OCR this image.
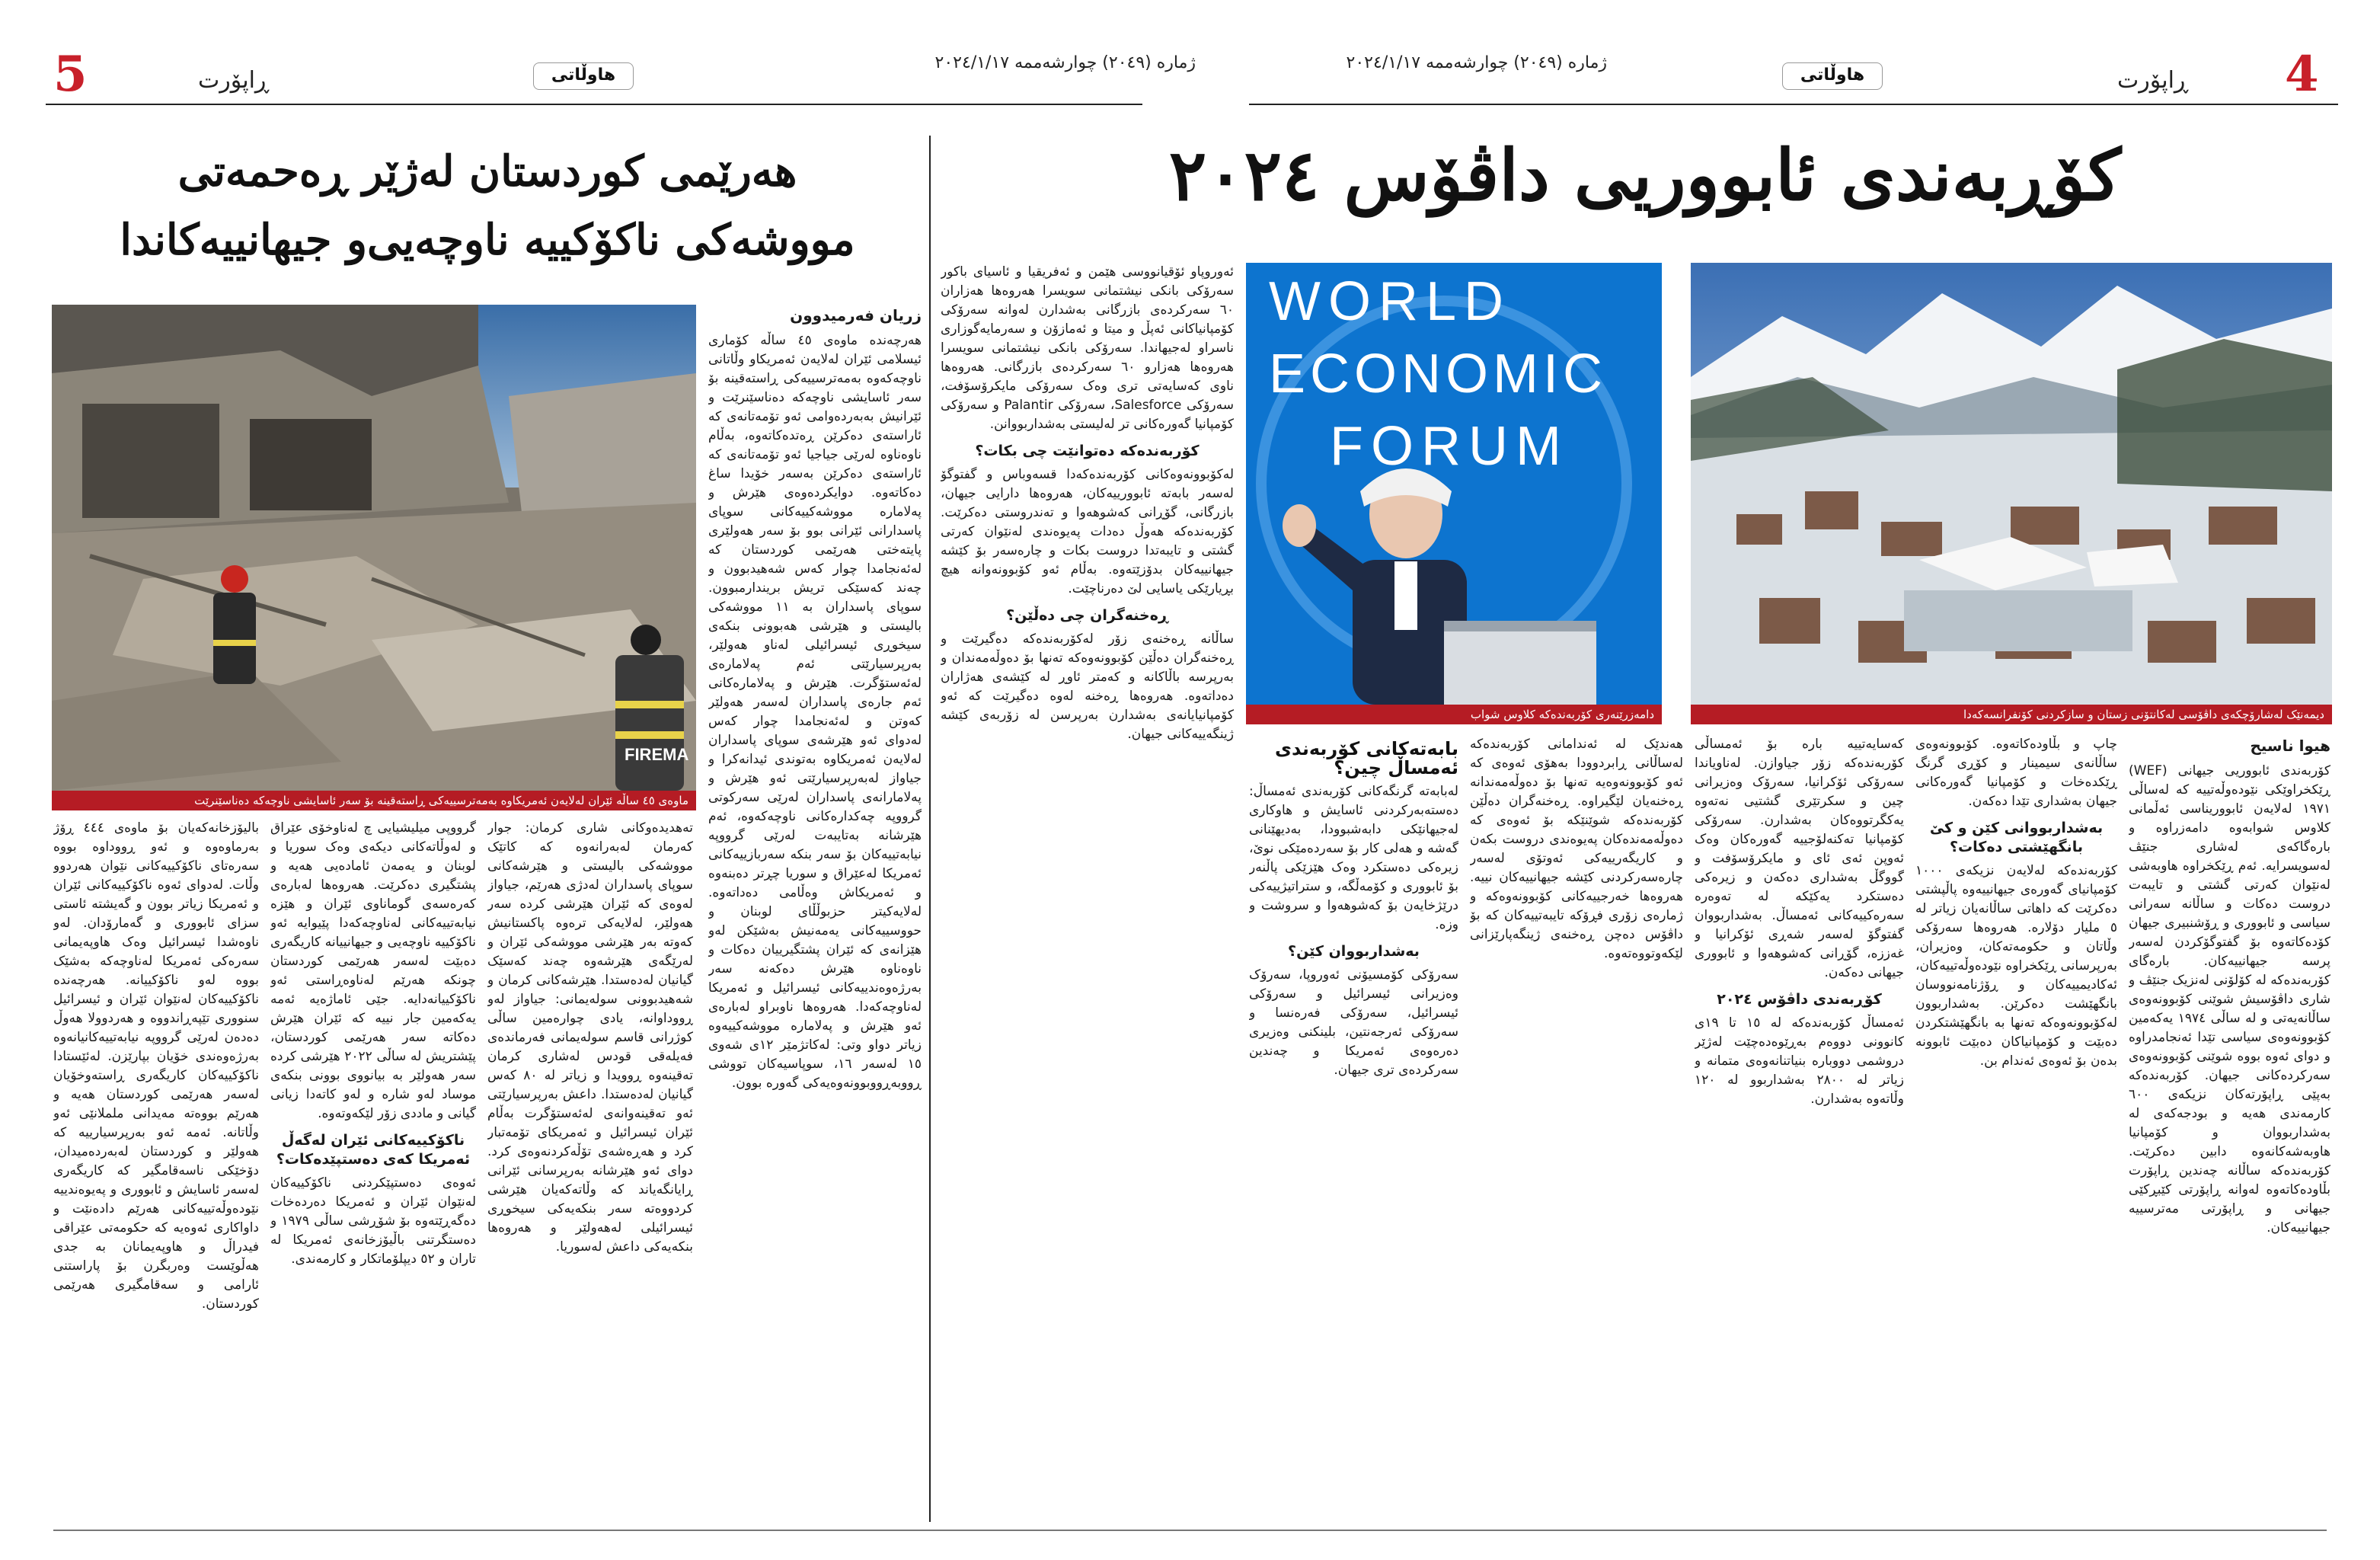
5	ڕاپۆرت	هاوڵاتی
ژمارە (٢٠٤٩) چوارشەممە ٢٠٢٤/١/١٧	ژمارە (٢٠٤٩) چوارشەممە ٢٠٢٤/١/١٧
هاوڵاتی	ڕاپۆرت 4
کۆڕبەندی ئابووریی داڤۆس ٢٠٢٤
هەرێمی کوردستان لەژێر ڕەحمەتی
مووشەکی ناکۆکییە ناوچەیی‌و جیهانییەکاندا
FIREMA
ماوەی ٤٥ ساڵە ئێران لەلایەن ئەمریکاوە بەمەترسییەکی ڕاستەقینە بۆ سەر ئاسایشی ناوچەکە دەناسێنرێت
زریان فەرمیدوون

هەرچەندە ماوەی ٤٥ ساڵە کۆماری ئیسلامی ئێران لەلایەن ئەمریکاو وڵاتانی ناوچەکەوە بەمەترسییەکی ڕاستەقینە بۆ سەر ئاسایشی ناوچەکە دەناسێنرێت و ئێرانیش بەبەردەوامی ئەو تۆمەتانەی کە ئاراستەی دەکرێن ڕەتدەکاتەوە، بەڵام ناوەناوە لەرێی جیاجیا ئەو تۆمەتانەی کە ئاراستەی دەکرێن بەسەر خۆیدا ساغ دەکاتەوە. دوایکردەوەی هێرش و پەلامارە مووشەکییەکانی سوپای پاسدارانی ئێرانی بوو بۆ سەر هەولێری پایتەختی هەرێمی کوردستان کە لەئەنجامدا چوار کەس شەهیدبوون و چەند کەسێکی تریش بریندارمبوون. سوپای پاسداران بە ١١ مووشەکی بالیستی و هێرشی هەبوونی بنکەی سیخوڕی ئیسرائیلی لەناو هەولێر، بەرپرسیارێتی ئەم پەلامارەی لەئەستۆگرت. هێرش و پەلامارەکانی ئەم جارەی پاسداران لەسەر هەولێر کەوتن و لەئەنجامدا چوار کەس

لەدوای ئەو هێرشەی سوپای پاسداران لەلایەن ئەمریکاوە بەتوندی ئیدانەکرا و جیاواز لەبەرپرسیارێتی ئەو هێرش و پەلامارانەی پاسداران لەرێی سەرکوتی گرووپە چەکدارەکانی ناوچەکەوە، ئەم هێرشانە بەتایبەت لەرێی گرووپە نیابەتییەکان بۆ سەر بنکە سەربازییەکانی ئەمریکا لەعێراق و سوریا چڕتر دەبنەوە و ئەمریکاش وەڵامی دەداتەوە. لەلایەکیتر حزبوڵڵای لوبنان و حووسییەکانی یەمەنیش بەشێکن لەو هێزانەی کە ئێران پشتگیرییان دەکات و ناوەناوە هێرش دەکەنە سەر بەرژەوەندییەکانی ئیسرائیل و ئەمریکا لەناوچەکەدا. هەروەها ناوبراو لەبارەی ئەو هێرش و پەلامارە مووشەکییەوە زیاتر دواو وتی: لەکاتژمێر ١٢ی شەوی ١٥ لەسەر ١٦، سوپاسیەکان تووشی ڕووبەڕووبوونەوەیەکی گەورە بوون.

تەهدیدەوکانی شاری کرمان: جوار کەرمان لەبەرانەوە کە کاتێک مووشەکی بالیستی و هێرشەکانی سوپای پاسداران لەدژی هەرێم، جیاواز لەوەی کە ئێران هێرشی کردە سەر هەولێر، لەلایەکی ترەوە پاکستانیش کەوتە بەر هێرشی مووشەکی ئێران و لەرێگەی هێرشەوە چەند کەسێک گیانیان لەدەستدا. هێرشەکانی کرمان و شەهیدبوونی سولەیمانی: جیاواز لەو ڕووداوانە، یادی چوارەمین ساڵی کوژرانی قاسم سولەیمانی فەرماندەی فەیلەقی قودس لەشاری کرمان تەقینەوە ڕوویدا و زیاتر لە ٨٠ کەس گیانیان لەدەستدا. داعش بەرپرسیارێتی ئەو تەقینەوانەی لەئەستۆگرت بەڵام ئێران ئیسرائیل و ئەمریکای تۆمەتبار کرد و هەڕەشەی تۆڵەکردنەوەی کرد. دوای ئەو هێرشانە بەرپرسانی ئێرانی ڕایانگەیاند کە وڵاتەکەیان هێرشی کردووەتە سەر بنکەیەکی سیخوڕی ئیسرائیلی لەهەولێر و هەروەها بنکەیەکی داعش لەسوریا.

گرووپی میلیشیایی چ لەناوخۆی عێراق و لەوڵاتەکانی دیکەی وەک سوریا و لوبنان و یەمەن ئامادەیی هەیە و پشتگیری دەکرێت. هەروەها لەبارەی کەرەسەی گوماناوی ئێران و هێزە نیابەتییەکانی لەناوچەکەدا پێیوایە ئەو ناکۆکییە ناوچەیی و جیهانییانە کاریگەری دەبێت لەسەر هەرێمی کوردستان چونکە هەرێم لەناوەڕاستی ئەو ناکۆکییانەدایە. جێی ئاماژەیە ئەمە یەکەمین جار نییە کە ئێران هێرش دەکاتە سەر هەرێمی کوردستان، پێشتریش لە ساڵی ٢٠٢٢ هێرشی کردە سەر هەولێر بە بیانووی بوونی بنکەی موساد لەو شارە و لەو کاتەدا زیانی گیانی و ماددی زۆر لێکەوتەوە.

ناکۆکییەکانی ئێران لەگەڵ ئەمریکا کەی دەستپێدەکات؟

ئەوەی دەستپێکردنی ناکۆکییەکان لەنێوان ئێران و ئەمریکا دەردەخات دەگەڕێتەوە بۆ شۆڕشی ساڵی ١٩٧٩ و دەستگرتنی باڵیۆزخانەی ئەمریکا لە تاران و ٥٢ دیپلۆماتکار و کارمەندی.

بالیۆزخانەکەیان بۆ ماوەی ٤٤٤ ڕۆژ بەرماوەوە و ئەو ڕووداوە بووە سەرەتای ناکۆکییەکانی نێوان هەردوو وڵات. لەدوای ئەوە ناکۆکییەکانی ئێران و ئەمریکا زیاتر بوون و گەیشتە ئاستی سزای ئابووری و گەمارۆدان. لەو ناوەشدا ئیسرائیل وەک هاوپەیمانی سەرەکی ئەمریکا لەناوچەکە بەشێک بووە لەو ناکۆکییانە. هەرچەندە ناکۆکییەکان لەنێوان ئێران و ئیسرائیل سنووری تێپەڕاندووە و هەردوولا هەوڵ دەدەن لەرێی گرووپە نیابەتییەکانیانەوە بەرژەوەندی خۆیان بپارێزن. لەئێستادا ناکۆکییەکان کاریگەری ڕاستەوخۆیان لەسەر هەرێمی کوردستان هەیە و هەرێم بووەتە مەیدانی ململانێی ئەو وڵاتانە. ئەمە ئەو بەرپرسیارییە کە هەولێر و کوردستان لەبەردەمیدان، دۆخێکی ناسەقامگیر کە کاریگەری لەسەر ئاسایش و ئابووری و پەیوەندییە نێودەوڵەتییەکانی هەرێم دادەنێت و داواکاری ئەوەیە کە حکومەتی عێراقی فیدراڵ و هاوپەیمانان بە جدی هەڵوێست وەربگرن بۆ پاراستنی ئارامی و سەقامگیری هەرێمی کوردستان.

دیمەنێک لەشارۆچکەی داڤۆسی لەکانتۆنی زستان و سازکردنی کۆنفرانسەکەدا
WORLD
ECONOMIC
FORUM
دامەزرێنەری کۆربەندەکە کلاوس شواب
هیوا ناسیح

کۆربەندی ئابووریی جیهانی (WEF) ڕێکخراوێکی نێودەوڵەتییە کە لەساڵی ١٩٧١ لەلایەن ئابووریناسی ئەڵمانی کلاوس شوابەوە دامەزراوە و بارەگاکەی لەشاری جنێڤ لەسویسرایە. ئەم ڕێکخراوە هاوبەشی لەنێوان کەرتی گشتی و تایبەت دروست دەکات و ساڵانە سەرانی سیاسی و ئابووری و ڕۆشنبیری جیهان کۆدەکاتەوە بۆ گفتوگۆکردن لەسەر پرسە جیهانییەکان. بارەگای کۆربەندەکە لە کۆلۆنی لەنزیک جنێڤ و شاری داڤۆسیش شوێنی کۆبوونەوەی ساڵانەیەتی و لە ساڵی ١٩٧٤ یەکەمین کۆبوونەوەی سیاسی تێدا ئەنجامدراوە و دوای ئەوە بووە شوێنی کۆبوونەوەی سەرکردەکانی جیهان. کۆربەندەکە بەپێی ڕاپۆرتەکان نزیکەی ٦٠٠ کارمەندی هەیە و بودجەکەی لە بەشداربووان و کۆمپانیا هاوبەشەکانەوە دابین دەکرێت. کۆربەندەکە ساڵانە چەندین ڕاپۆرت بڵاودەکاتەوە لەوانە ڕاپۆرتی کێبڕکێی جیهانی و ڕاپۆرتی مەترسییە جیهانییەکان.

چاپ و بڵاودەکاتەوە. کۆبوونەوەی ساڵانەی سیمینار و کۆڕی گرنگ ڕێکدەخات و کۆمپانیا گەورەکانی جیهان بەشداری تێدا دەکەن.

بەشداربووانی کێن و کێ بانگهێشتی دەکات؟

کۆربەندەکە لەلایەن نزیکەی ١٠٠٠ کۆمپانیای گەورەی جیهانییەوە پاڵپشتی دەکرێت کە داهاتی ساڵانەیان زیاتر لە ٥ ملیار دۆلارە. هەروەها سەرۆکی وڵاتان و حکومەتەکان، وەزیران، بەرپرسانی ڕێکخراوە نێودەوڵەتییەکان، ئەکادیمییەکان و ڕۆژنامەنووسان بانگهێشت دەکرێن. بەشداربوون لەکۆبوونەوەکە تەنها بە بانگهێشتکردن دەبێت و کۆمپانیاکان دەبێت ئابوونە بدەن بۆ ئەوەی ئەندام بن.

کەسایەتییە بارە بۆ ئەمساڵی کۆربەندەکە زۆر جیاوازن. لەناویاندا سەرۆکی ئۆکرانیا، سەرۆک وەزیرانی چین و سکرتێری گشتیی نەتەوە یەکگرتووەکان بەشدارن. سەرۆکی کۆمپانیا تەکنەلۆجییە گەورەکان وەک ئەوپن ئەی ئای و مایکرۆسۆفت و گووگڵ بەشداری دەکەن و زیرەکی دەستکرد یەکێکە لە تەوەرە سەرەکییەکانی ئەمساڵ. بەشداربووان گفتوگۆ لەسەر شەڕی ئۆکرانیا و غەززە، گۆڕانی کەشوهەوا و ئابووری جیهانی دەکەن.

کۆڕبەندی داڤۆس ٢٠٢٤

ئەمساڵ کۆربەندەکە لە ١٥ تا ١٩ی کانوونی دووەم بەڕێوەدەچێت لەژێر دروشمی دووبارە بنیاتنانەوەی متمانە و زیاتر لە ٢٨٠٠ بەشداربوو لە ١٢٠ وڵاتەوە بەشدارن.

هەندێک لە ئەندامانی کۆربەندەکە لەساڵانی ڕابردوودا بەهۆی ئەوەی کە ئەو کۆبوونەوەیە تەنها بۆ دەوڵەمەندانە ڕەخنەیان لێگیراوە. ڕەخنەگران دەڵێن کۆربەندەکە شوێنێکە بۆ ئەوەی کە دەوڵەمەندەکان پەیوەندی دروست بکەن و کاریگەرییەکی ئەوتۆی لەسەر چارەسەرکردنی کێشە جیهانییەکان نییە. هەروەها خەرجییەکانی کۆبوونەوەکە و ژمارەی زۆری فڕۆکە تایبەتییەکان کە بۆ داڤۆس دەچن ڕەخنەی ژینگەپارێزانی لێکەوتووەتەوە.

بابەتەکانی کۆربەندی ئەمساڵ چین؟

لەبابەتە گرنگەکانی کۆربەندی ئەمساڵ: دەستەبەرکردنی ئاسایش و هاوکاری لەجیهانێکی دابەشبوودا، بەدیهێنانی گەشە و هەلی کار بۆ سەردەمێکی نوێ، زیرەکی دەستکرد وەک هێزێکی پاڵنەر بۆ ئابووری و کۆمەڵگە، و ستراتیژییەکی درێژخایەن بۆ کەشوهەوا و سروشت و وزە.

بەشداربووان کێن؟

سەرۆکی کۆمسیۆنی ئەوروپا، سەرۆک وەزیرانی ئیسرائیل و سەرۆکی ئیسرائیل، سەرۆکی فەرەنسا و سەرۆکی ئەرجەنتین، بلینکنی وەزیری دەرەوەی ئەمریکا و چەندین سەرکردەی تری جیهان.

ئەوروپاو ئۆقیانووسی هێمن و ئەفریقیا و ئاسیای باکور سەرۆکی بانکی نیشتمانی سویسرا هەروەها هەزاران ٦٠ سەرکردەی بازرگانی بەشدارن لەوانە سەرۆکی کۆمپانیاکانی ئەپڵ و میتا و ئەمازۆن و سەرمایەگوزاری ناسراو لەجیهاندا. سەرۆکی بانکی نیشتمانی سویسرا هەروەها هەزارو ٦٠ سەرکردەی بازرگانی. هەروەها ناوی کەسایەتی تری وەک سەرۆکی مایکرۆسۆفت، سەرۆکی Salesforce، سەرۆکی Palantir و سەرۆکی کۆمپانیا گەورەکانی تر لەلیستی بەشداربووانن.

کۆربەندەکە دەتوانێت چی بکات؟

لەکۆبوونەوەکانی کۆربەندەکەدا قسەوباس و گفتوگۆ لەسەر بابەتە ئابوورییەکان، هەروەها دارایی جیهان، بازرگانی، گۆڕانی کەشوهەوا و تەندروستی دەکرێت. کۆربەندەکە هەوڵ دەدات پەیوەندی لەنێوان کەرتی گشتی و تایبەتدا دروست بکات و چارەسەر بۆ کێشە جیهانییەکان بدۆزێتەوە. بەڵام ئەو کۆبوونەوانە هیچ بڕیارێکی یاسایی لێ دەرناچێت.

ڕەخنەگران چی دەڵێن؟

ساڵانە ڕەخنەی زۆر لەکۆربەندەکە دەگیرێت و ڕەخنەگران دەڵێن کۆبوونەوەکە تەنها بۆ دەوڵەمەندان و بەرپرسە باڵاکانە و کەمتر ئاوڕ لە کێشەی هەژاران دەداتەوە. هەروەها ڕەخنە لەوە دەگیرێت کە ئەو کۆمپانیایانەی بەشدارن بەرپرسن لە زۆربەی کێشە ژینگەییەکانی جیهان.
